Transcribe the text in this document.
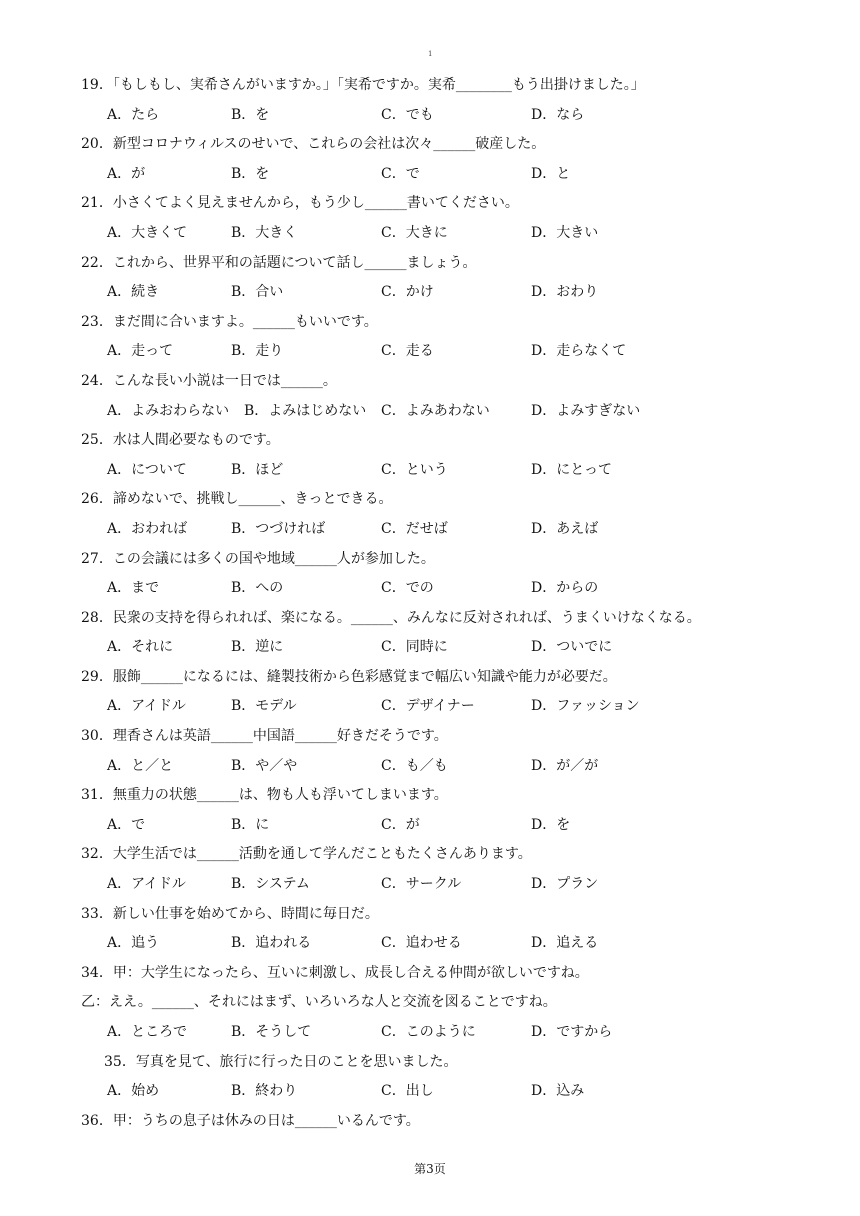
1
19．「もしもし、実希さんがいますか。」「実希ですか。実希________もう出掛けました。」
A．たら	B．を	C．でも	D．なら
20．新型コロナウィルスのせいで、これらの会社は次々______破産した。
A．が	B．を	C．で	D．と
21．小さくてよく見えませんから，もう少し______書いてください。
A．大きくて	B．大きく	C．大きに	D．大きい
22．これから、世界平和の話題について話し______ましょう。
A．続き	B．合い	C．かけ	D．おわり
23．まだ間に合いますよ。______もいいです。
A．走って	B．走り	C．走る	D．走らなくて
24．こんな長い小説は一日では______。
A．よみおわらない B．よみはじめない C．よみあわない	D．よみすぎない
25．水は人間必要なものです。
A．について	B．ほど	C．という	D．にとって
26．諦めないで、挑戦し______、きっとできる。
A．おわれば	B．つづければ	C．だせば	D．あえば
27．この会議には多くの国や地域______人が参加した。
A．まで	B．への	C．での	D．からの
28．民衆の支持を得られれば、楽になる。______、みんなに反対されれば、うまくいけなくなる。
A．それに	B．逆に	C．同時に	D．ついでに
29．服飾______になるには、縫製技術から色彩感覚まで幅広い知識や能力が必要だ。
A．アイドル	B．モデル	C．デザイナー	D．ファッション
30．理香さんは英語______中国語______好きだそうです。
A．と／と	B．や／や	C．も／も	D．が／が
31．無重力の状態______は、物も人も浮いてしまいます。
A．で	B．に	C．が	D．を
32．大学生活では______活動を通して学んだこともたくさんあります。
A．アイドル	B．システム	C．サークル	D．プラン
33．新しい仕事を始めてから、時間に毎日だ。
A．追う	B．追われる	C．追わせる	D．追える
34．甲：大学生になったら、互いに刺激し、成長し合える仲間が欲しいですね。
乙：ええ。______、それにはまず、いろいろな人と交流を図ることですね。
A．ところで	B．そうして	C．このように	D．ですから
35．写真を見て、旅行に行った日のことを思いました。
A．始め	B．終わり	C．出し	D．込み
36．甲：うちの息子は休みの日は______いるんです。
第3页
